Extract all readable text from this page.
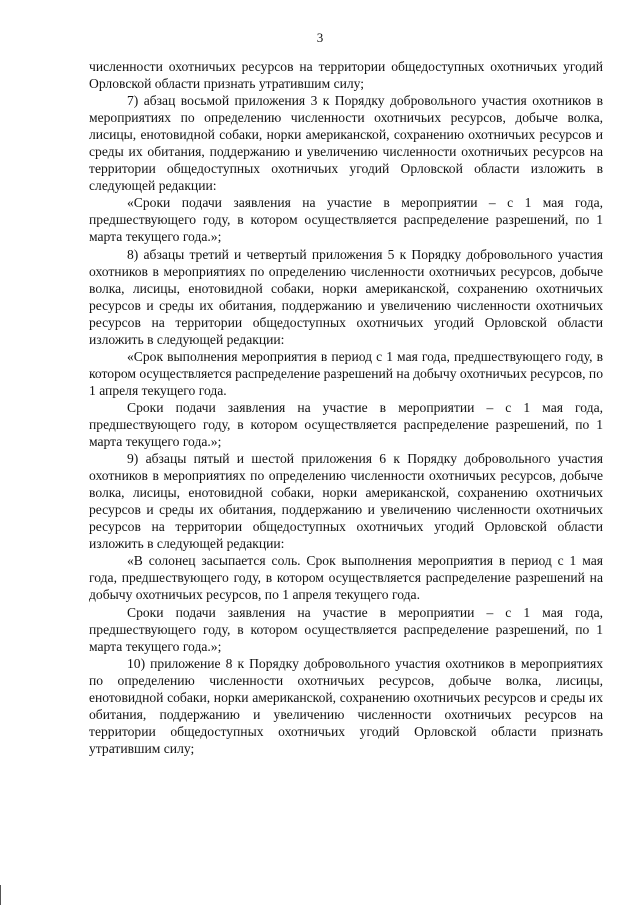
3

численности охотничьих ресурсов на территории общедоступных охотничьих угодий Орловской области признать утратившим силу;

7) абзац восьмой приложения 3 к Порядку добровольного участия охотников в мероприятиях по определению численности охотничьих ресурсов, добыче волка, лисицы, енотовидной собаки, норки американской, сохранению охотничьих ресурсов и среды их обитания, поддержанию и увеличению численности охотничьих ресурсов на территории общедоступных охотничьих угодий Орловской области изложить в следующей редакции:

«Сроки подачи заявления на участие в мероприятии – с 1 мая года, предшествующего году, в котором осуществляется распределение разрешений, по 1 марта текущего года.»;

8) абзацы третий и четвертый приложения 5 к Порядку добровольного участия охотников в мероприятиях по определению численности охотничьих ресурсов, добыче волка, лисицы, енотовидной собаки, норки американской, сохранению охотничьих ресурсов и среды их обитания, поддержанию и увеличению численности охотничьих ресурсов на территории общедоступных охотничьих угодий Орловской области изложить в следующей редакции:

«Срок выполнения мероприятия в период с 1 мая года, предшествующего году, в котором осуществляется распределение разрешений на добычу охотничьих ресурсов, по 1 апреля текущего года.

Сроки подачи заявления на участие в мероприятии – с 1 мая года, предшествующего году, в котором осуществляется распределение разрешений, по 1 марта текущего года.»;

9) абзацы пятый и шестой приложения 6 к Порядку добровольного участия охотников в мероприятиях по определению численности охотничьих ресурсов, добыче волка, лисицы, енотовидной собаки, норки американской, сохранению охотничьих ресурсов и среды их обитания, поддержанию и увеличению численности охотничьих ресурсов на территории общедоступных охотничьих угодий Орловской области изложить в следующей редакции:

«В солонец засыпается соль. Срок выполнения мероприятия в период с 1 мая года, предшествующего году, в котором осуществляется распределение разрешений на добычу охотничьих ресурсов, по 1 апреля текущего года.

Сроки подачи заявления на участие в мероприятии – с 1 мая года, предшествующего году, в котором осуществляется распределение разрешений, по 1 марта текущего года.»;

10) приложение 8 к Порядку добровольного участия охотников в мероприятиях по определению численности охотничьих ресурсов, добыче волка, лисицы, енотовидной собаки, норки американской, сохранению охотничьих ресурсов и среды их обитания, поддержанию и увеличению численности охотничьих ресурсов на территории общедоступных охотничьих угодий Орловской области признать утратившим силу;
